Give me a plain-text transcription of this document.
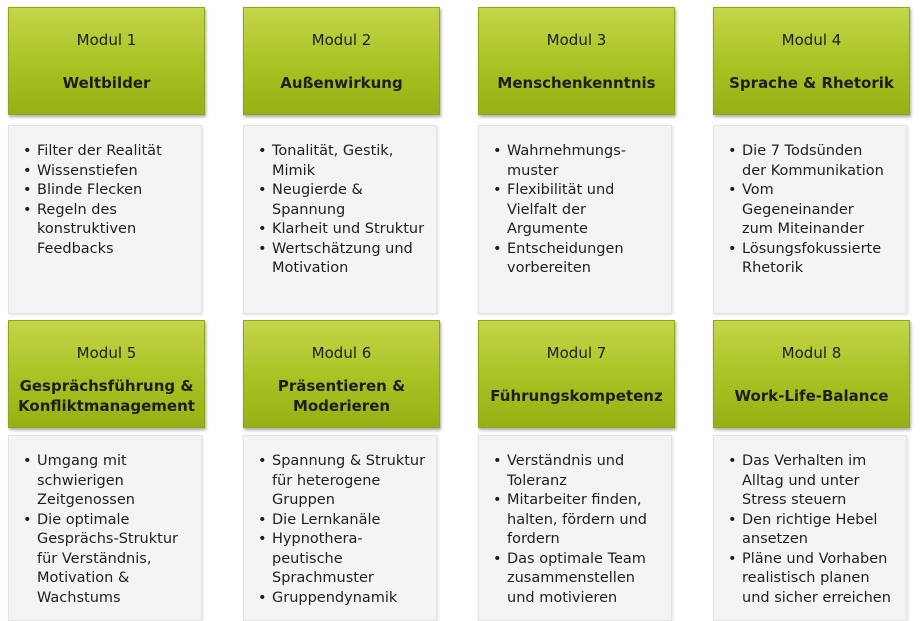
Modul 1
Weltbilder
• Filter der Realität
• Wissenstiefen
• Blinde Flecken
• Regeln des
konstruktiven
Feedbacks
Modul 2
Außenwirkung
• Tonalität, Gestik,
Mimik
• Neugierde &
Spannung
• Klarheit und Struktur
• Wertschätzung und
Motivation
Modul 3
Menschenkenntnis
• Wahrnehmungs-
muster
• Flexibilität und
Vielfalt der
Argumente
• Entscheidungen
vorbereiten
Modul 4
Sprache & Rhetorik
• Die 7 Todsünden
der Kommunikation
• Vom
Gegeneinander
zum Miteinander
• Lösungsfokussierte
Rhetorik
Modul 5
Gesprächsführung & Konfliktmanagement
• Umgang mit
schwierigen
Zeitgenossen
• Die optimale
Gesprächs-Struktur
für Verständnis,
Motivation &
Wachstums
Modul 6
Präsentieren & Moderieren
• Spannung & Struktur
für heterogene
Gruppen
• Die Lernkanäle
• Hypnothera-
peutische
Sprachmuster
• Gruppendynamik
Modul 7
Führungskompetenz
• Verständnis und
Toleranz
• Mitarbeiter finden,
halten, fördern und
fordern
• Das optimale Team
zusammenstellen
und motivieren
Modul 8
Work-Life-Balance
• Das Verhalten im
Alltag und unter
Stress steuern
• Den richtige Hebel
ansetzen
• Pläne und Vorhaben
realistisch planen
und sicher erreichen
